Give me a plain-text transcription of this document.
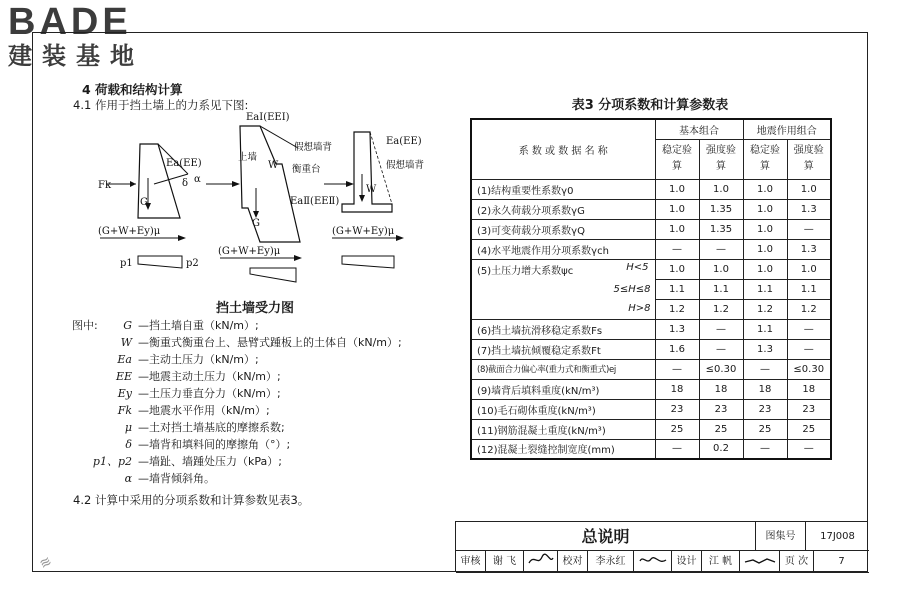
BADE
建装基地
4 荷载和结构计算
4.1 作用于挡土墙上的力系见下图:
Ea(EE)
δ α
Fk
G
(G+W+Ey)μ
p1	p2
EaⅠ(EEⅠ)
上墙
衡重台
假想墙背
W
EaⅡ(EEⅡ)
G
(G+W+Ey)μ
Ea(EE)
假想墙背
W
(G+W+Ey)μ
挡土墙受力图
图中:	G —挡土墙自重（kN/m）;
W —衡重式衡重台上、悬臂式踵板上的土体自（kN/m）;
Ea —主动土压力（kN/m）;
EE —地震主动土压力（kN/m）;
Ey —土压力垂直分力（kN/m）;
Fk —地震水平作用（kN/m）;
μ —土对挡土墙基底的摩擦系数;
δ —墙背和填料间的摩擦角（°）;
p1、p2 —墙趾、墙踵处压力（kPa）;
α —墙背倾斜角。
4.2 计算中采用的分项系数和计算参数见表3。
表3 分项系数和计算参数表
系 数 或 数 据 名 称	基本组合		地震作用组合	
	稳定验算	强度验算	稳定验算	强度验算
(1)结构重要性系数γ0	1.0	1.0	1.0	1.0
(2)永久荷载分项系数γG	1.0	1.35	1.0	1.3
(3)可变荷载分项系数γQ	1.0	1.35	1.0	—
(4)水平地震作用分项系数γch	—	—	1.0	1.3
(5)土压力增大系数ψc H<5	1.0	1.0	1.0	1.0
5≤H≤8	1.1	1.1	1.1	1.1
H>8	1.2	1.2	1.2	1.2
(6)挡土墙抗滑移稳定系数Fs	1.3	—	1.1	—
(7)挡土墙抗倾覆稳定系数Ft	1.6	—	1.3	—
(8)截面合力偏心率(重力式和衡重式)ej	—	≤0.30	—	≤0.30
(9)墙背后填料重度(kN/m³)	18	18	18	18
(10)毛石砌体重度(kN/m³)	23	23	23	23
(11)钢筋混凝土重度(kN/m³)	25	25	25	25
(12)混凝土裂缝控制宽度(mm)	—	0.2	—	—
总说明	图集号	17J008
审核	谢 飞	校对	李永红	设计	江 帆	页 次	7
≋
